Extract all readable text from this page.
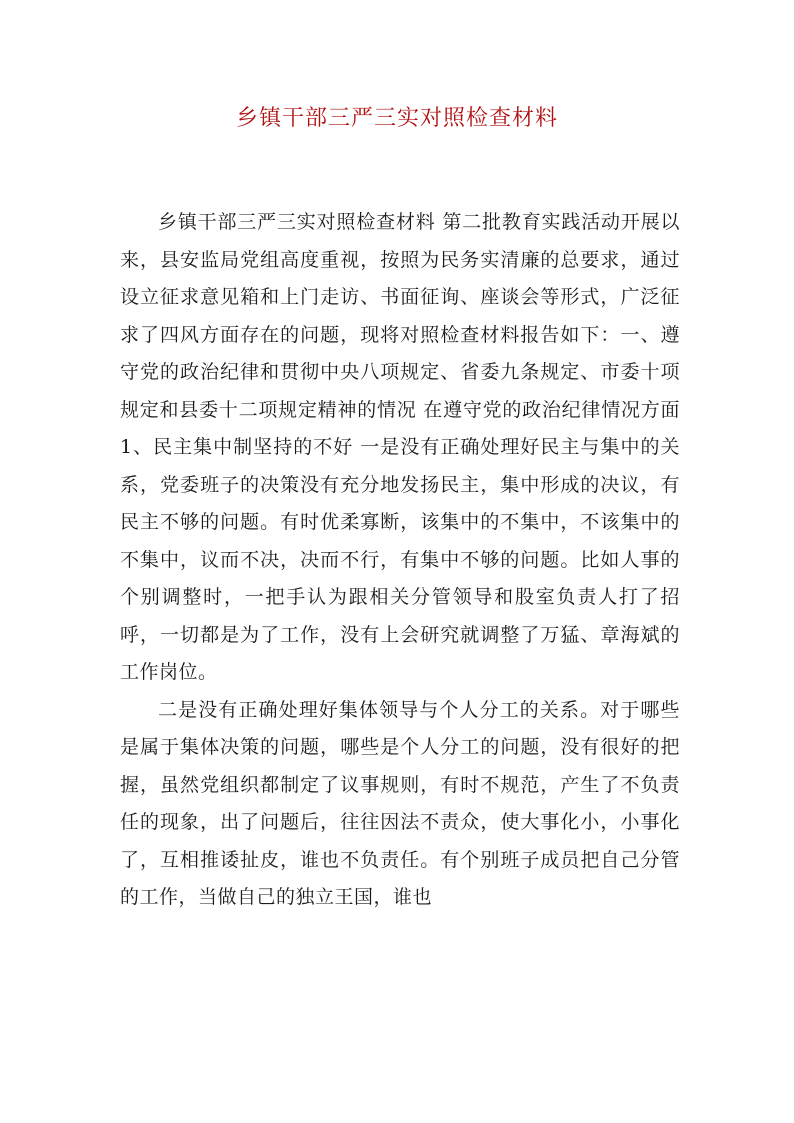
乡镇干部三严三实对照检查材料

乡镇干部三严三实对照检查材料 第二批教育实践活动开展以来，县安监局党组高度重视，按照为民务实清廉的总要求，通过设立征求意见箱和上门走访、书面征询、座谈会等形式，广泛征求了四风方面存在的问题，现将对照检查材料报告如下：一、遵守党的政治纪律和贯彻中央八项规定、省委九条规定、市委十项规定和县委十二项规定精神的情况 在遵守党的政治纪律情况方面 1、民主集中制坚持的不好 一是没有正确处理好民主与集中的关系，党委班子的决策没有充分地发扬民主，集中形成的决议，有民主不够的问题。有时优柔寡断，该集中的不集中，不该集中的不集中，议而不决，决而不行，有集中不够的问题。比如人事的个别调整时，一把手认为跟相关分管领导和股室负责人打了招呼，一切都是为了工作，没有上会研究就调整了万猛、章海斌的工作岗位。

二是没有正确处理好集体领导与个人分工的关系。对于哪些是属于集体决策的问题，哪些是个人分工的问题，没有很好的把握，虽然党组织都制定了议事规则，有时不规范，产生了不负责任的现象，出了问题后，往往因法不责众，使大事化小，小事化了，互相推诿扯皮，谁也不负责任。有个别班子成员把自己分管的工作，当做自己的独立王国，谁也
